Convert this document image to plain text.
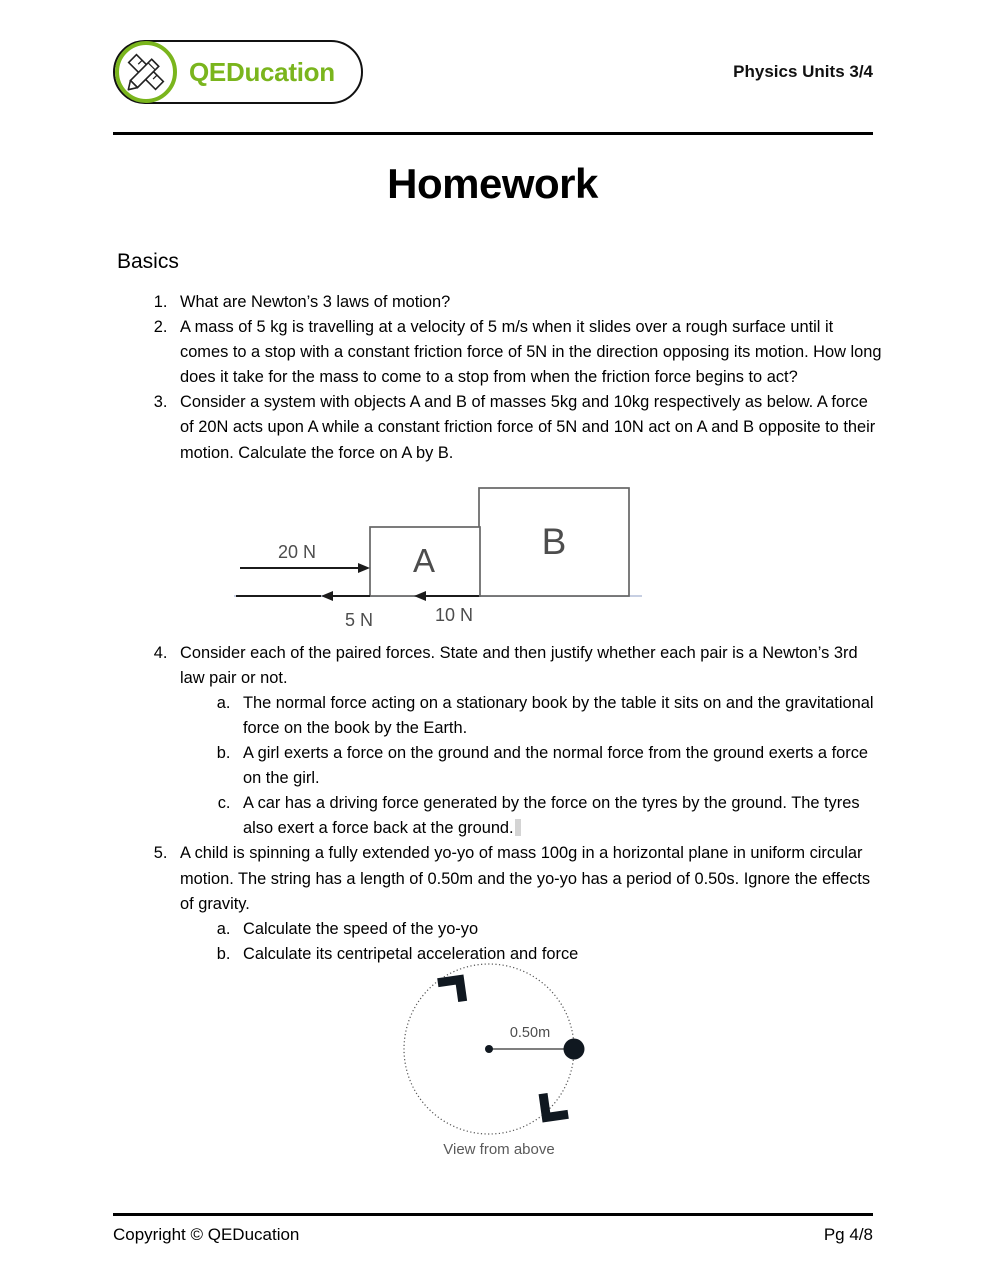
QEDucation	Physics Units 3/4
Homework
Basics
1. What are Newton’s 3 laws of motion?
2. A mass of 5 kg is travelling at a velocity of 5 m/s when it slides over a rough surface until it comes to a stop with a constant friction force of 5N in the direction opposing its motion. How long does it take for the mass to come to a stop from when the friction force begins to act?
3. Consider a system with objects A and B of masses 5kg and 10kg respectively as below. A force of 20N acts upon A while a constant friction force of 5N and 10N act on A and B opposite to their motion. Calculate the force on A by B.
4. Consider each of the paired forces. State and then justify whether each pair is a Newton’s 3rd law pair or not.
a. The normal force acting on a stationary book by the table it sits on and the gravitational force on the book by the Earth.
b. A girl exerts a force on the ground and the normal force from the ground exerts a force on the girl.
c. A car has a driving force generated by the force on the tyres by the ground. The tyres also exert a force back at the ground.
5. A child is spinning a fully extended yo-yo of mass 100g in a horizontal plane in uniform circular motion. The string has a length of 0.50m and the yo-yo has a period of 0.50s. Ignore the effects of gravity.
a. Calculate the speed of the yo-yo
b. Calculate its centripetal acceleration and force
20 N
5 N	10 N
A	B
0.50m
View from above
Copyright © QEDucation	Pg 4/8
